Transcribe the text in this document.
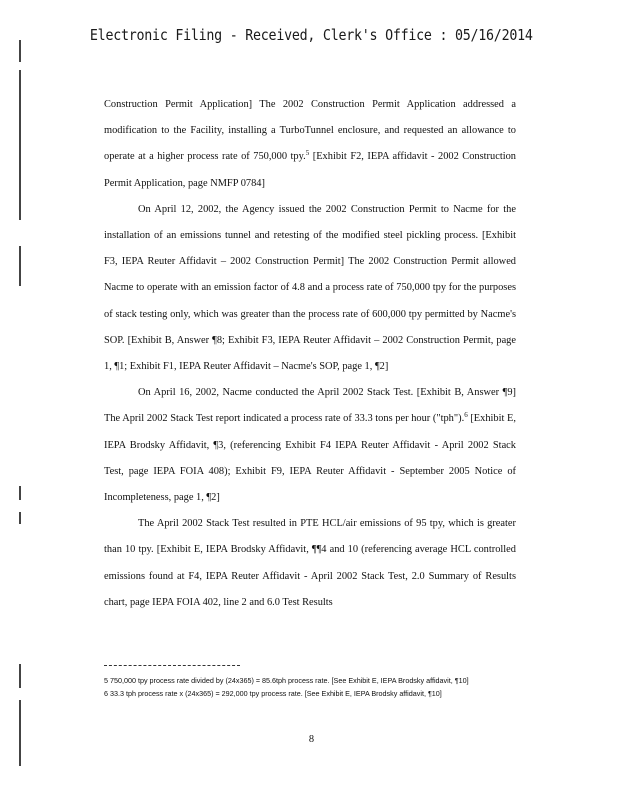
Electronic Filing - Received, Clerk's Office : 05/16/2014

Construction Permit Application] The 2002 Construction Permit Application addressed a modification to the Facility, installing a TurboTunnel enclosure, and requested an allowance to operate at a higher process rate of 750,000 tpy.$^5$ [Exhibit F2, IEPA affidavit - 2002 Construction Permit Application, page NMFP 0784]

On April 12, 2002, the Agency issued the 2002 Construction Permit to Nacme for the installation of an emissions tunnel and retesting of the modified steel pickling process. [Exhibit F3, IEPA Reuter Affidavit – 2002 Construction Permit] The 2002 Construction Permit allowed Nacme to operate with an emission factor of 4.8 and a process rate of 750,000 tpy for the purposes of stack testing only, which was greater than the process rate of 600,000 tpy permitted by Nacme's SOP. [Exhibit B, Answer ¶8; Exhibit F3, IEPA Reuter Affidavit – 2002 Construction Permit, page 1, ¶1; Exhibit F1, IEPA Reuter Affidavit – Nacme's SOP, page 1, ¶2]

On April 16, 2002, Nacme conducted the April 2002 Stack Test. [Exhibit B, Answer ¶9] The April 2002 Stack Test report indicated a process rate of 33.3 tons per hour ("tph").$^6$ [Exhibit E, IEPA Brodsky Affidavit, ¶3, (referencing Exhibit F4 IEPA Reuter Affidavit - April 2002 Stack Test, page IEPA FOIA 408); Exhibit F9, IEPA Reuter Affidavit - September 2005 Notice of Incompleteness, page 1, ¶2]

The April 2002 Stack Test resulted in PTE HCL/air emissions of 95 tpy, which is greater than 10 tpy. [Exhibit E, IEPA Brodsky Affidavit, ¶¶4 and 10 (referencing average HCL controlled emissions found at F4, IEPA Reuter Affidavit - April 2002 Stack Test, 2.0 Summary of Results chart, page IEPA FOIA 402, line 2 and 6.0 Test Results

5 750,000 tpy process rate divided by (24x365) = 85.6tph process rate. [See Exhibit E, IEPA Brodsky affidavit, ¶10]

6 33.3 tph process rate x (24x365) = 292,000 tpy process rate. [See Exhibit E, IEPA Brodsky affidavit, ¶10]

8
